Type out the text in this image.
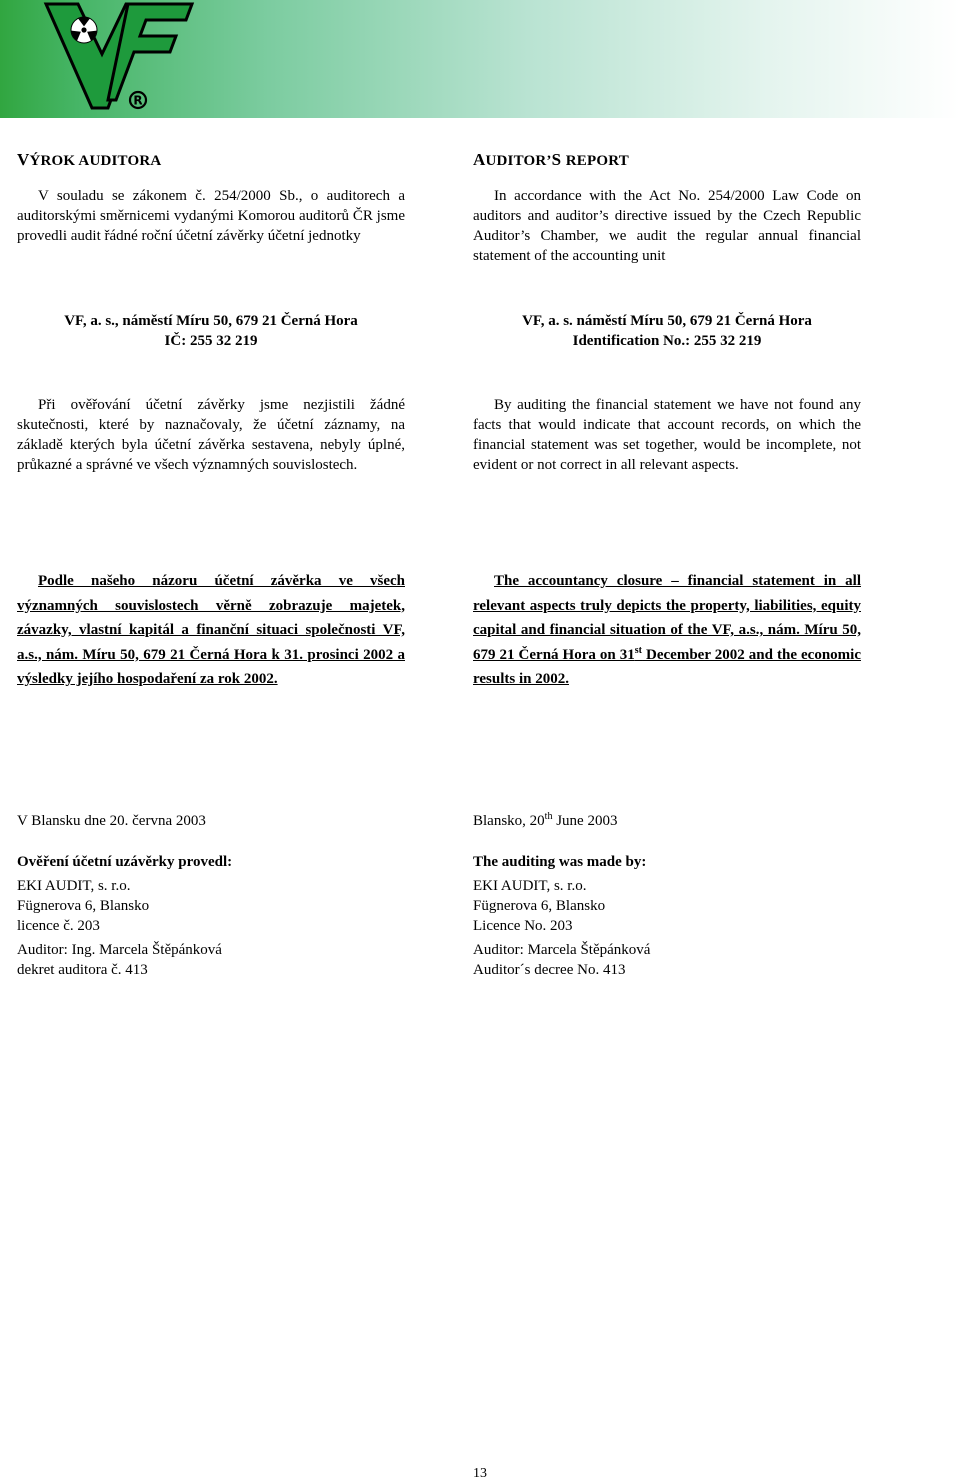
R

VÝROK AUDITORA

V souladu se zákonem č. 254/2000 Sb., o auditorech a auditorskými směrnicemi vydanými Komorou auditorů ČR jsme provedli audit řádné roční účetní závěrky účetní jednotky

VF, a. s., náměstí Míru 50, 679 21 Černá Hora

IČ: 255 32 219

Při ověřování účetní závěrky jsme nezjistili žádné skutečnosti, které by naznačovaly, že účetní záznamy, na základě kterých byla účetní závěrka sestavena, nebyly úplné, průkazné a správné ve všech významných souvislostech.
Podle našeho názoru účetní závěrka ve všech významných souvislostech věrně zobrazuje majetek, závazky, vlastní kapitál a finanční situaci společnosti VF, a.s., nám. Míru 50, 679 21 Černá Hora k 31. prosinci 2002 a výsledky jejího hospodaření za rok 2002.
V Blansku dne 20. června 2003

Ověření účetní uzávěrky provedl:

EKI AUDIT, s. r.o.

Fügnerova 6, Blansko

licence č. 203

Auditor: Ing. Marcela Štěpánková

dekret auditora č. 413

AUDITOR’S REPORT

In accordance with the Act No. 254/2000 Law Code on auditors and auditor’s directive issued by the Czech Republic Auditor’s Chamber, we audit the regular annual financial statement of the accounting unit

VF, a. s. náměstí Míru 50, 679 21 Černá Hora

Identification No.: 255 32 219

By auditing the financial statement we have not found any facts that would indicate that account records, on which the financial statement was set together, would be incomplete, not evident or not correct in all relevant aspects.
The accountancy closure – financial statement in all relevant aspects truly depicts the property, liabilities, equity capital and financial situation of the VF, a.s., nám. Míru 50, 679 21 Černá Hora on 31st December 2002 and the economic results in 2002.
Blansko, 20th June 2003

The auditing was made by:

EKI AUDIT, s. r.o.

Fügnerova 6, Blansko

Licence No. 203

Auditor: Marcela Štěpánková

Auditor´s decree No. 413

13
